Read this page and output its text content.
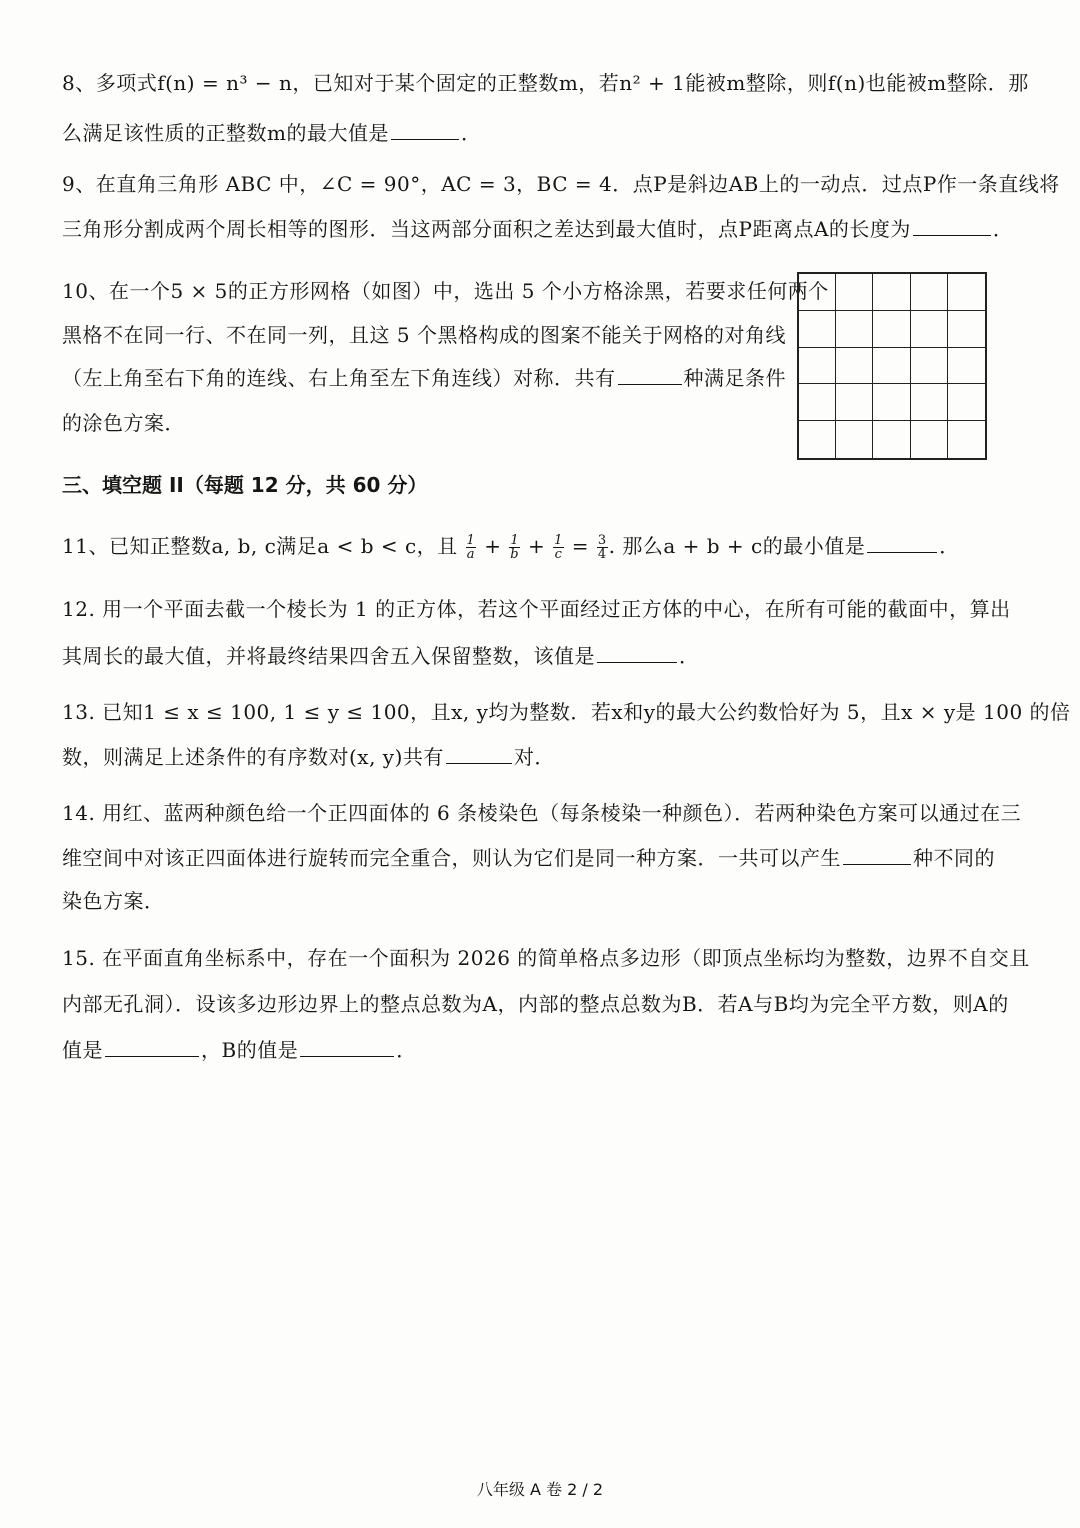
8、多项式f(n) = n³ − n，已知对于某个固定的正整数m，若n² + 1能被m整除，则f(n)也能被m整除．那
么满足该性质的正整数m的最大值是	．
9、在直角三角形 ABC 中，∠C = 90°，AC = 3，BC = 4．点P是斜边AB上的一动点．过点P作一条直线将
三角形分割成两个周长相等的图形．当这两部分面积之差达到最大值时，点P距离点A的长度为	．
10、在一个5 × 5的正方形网格（如图）中，选出 5 个小方格涂黑，若要求任何两个
黑格不在同一行、不在同一列，且这 5 个黑格构成的图案不能关于网格的对角线
（左上角至右下角的连线、右上角至左下角连线）对称．共有	种满足条件
的涂色方案．
三、填空题 II（每题 12 分，共 60 分）
11、已知正整数a, b, c满足a < b < c，且 $\frac{1}{a} + \frac{1}{b} + \frac{1}{c} = \frac{3}{4}$ . 那么a + b + c的最小值是	．
12. 用一个平面去截一个棱长为 1 的正方体，若这个平面经过正方体的中心，在所有可能的截面中，算出
其周长的最大值，并将最终结果四舍五入保留整数，该值是	．
13. 已知1 ≤ x ≤ 100, 1 ≤ y ≤ 100，且x, y均为整数．若x和y的最大公约数恰好为 5，且x × y是 100 的倍
数，则满足上述条件的有序数对(x, y)共有	对．
14. 用红、蓝两种颜色给一个正四面体的 6 条棱染色（每条棱染一种颜色）．若两种染色方案可以通过在三
维空间中对该正四面体进行旋转而完全重合，则认为它们是同一种方案．一共可以产生	种不同的
染色方案．
15. 在平面直角坐标系中，存在一个面积为 2026 的简单格点多边形（即顶点坐标均为整数，边界不自交且
内部无孔洞）．设该多边形边界上的整点总数为A，内部的整点总数为B．若A与B均为完全平方数，则A的
值是	，B的值是	．
八年级 A 卷 2 / 2
